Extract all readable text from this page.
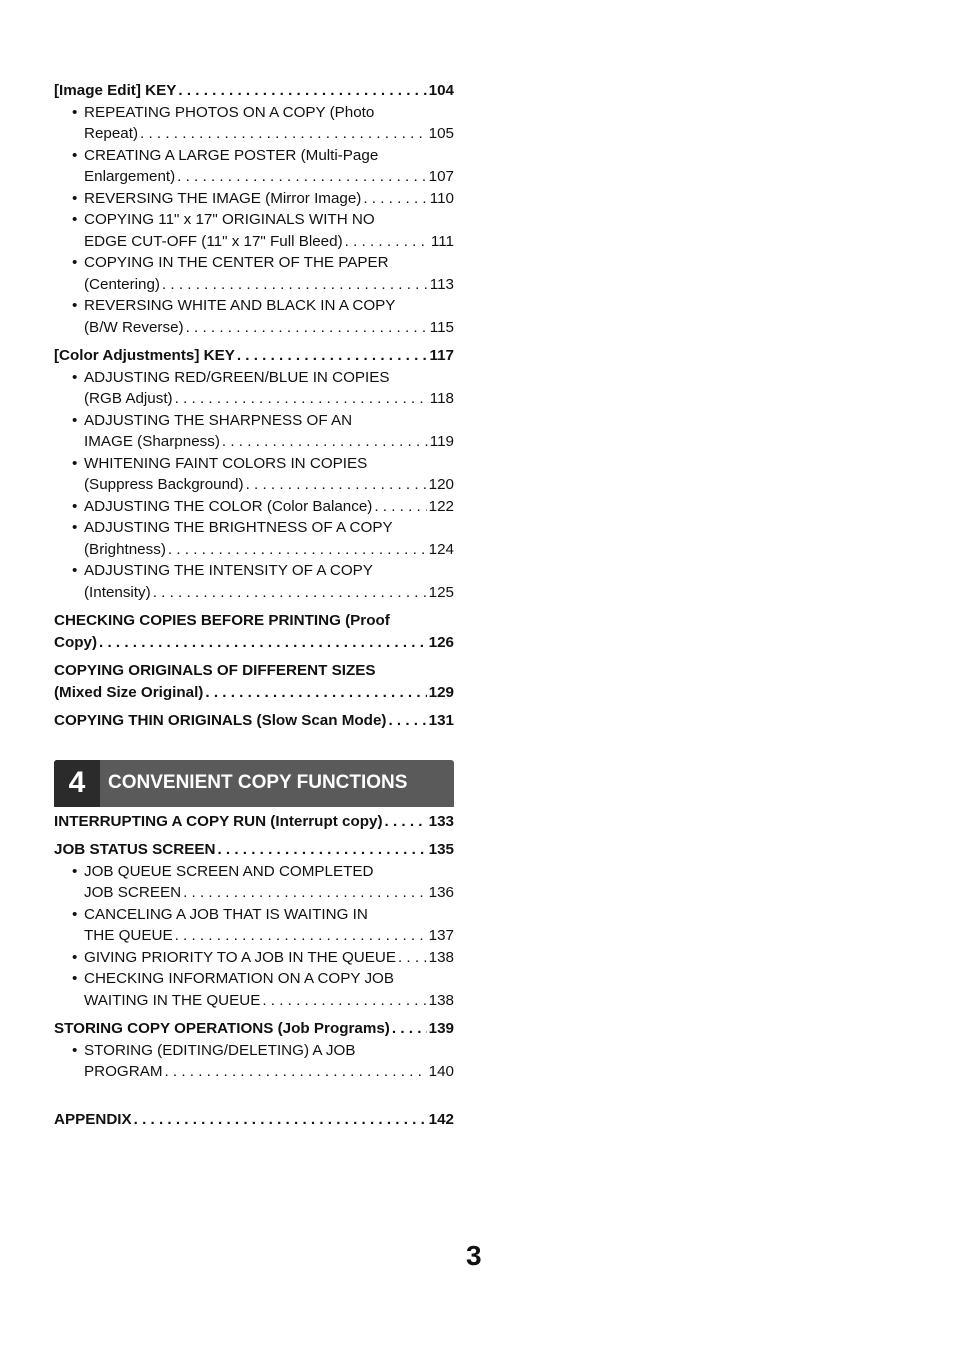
[Image Edit] KEY . . .	104
• REPEATING PHOTOS ON A COPY (Photo
Repeat) . . .	105
• CREATING A LARGE POSTER (Multi-Page
Enlargement) . . .	107
• REVERSING THE IMAGE (Mirror Image) . . .	110
• COPYING 11" x 17" ORIGINALS WITH NO
EDGE CUT-OFF (11" x 17" Full Bleed) . . .	111
• COPYING IN THE CENTER OF THE PAPER
(Centering) . . .	113
• REVERSING WHITE AND BLACK IN A COPY
(B/W Reverse) . . .	115
[Color Adjustments] KEY . . .	117
• ADJUSTING RED/GREEN/BLUE IN COPIES
(RGB Adjust) . . .	118
• ADJUSTING THE SHARPNESS OF AN
IMAGE (Sharpness) . . .	119
• WHITENING FAINT COLORS IN COPIES
(Suppress Background) . . .	120
• ADJUSTING THE COLOR (Color Balance) . . .	122
• ADJUSTING THE BRIGHTNESS OF A COPY
(Brightness) . . .	124
• ADJUSTING THE INTENSITY OF A COPY
(Intensity) . . .	125
CHECKING COPIES BEFORE PRINTING (Proof
Copy) . . .	126
COPYING ORIGINALS OF DIFFERENT SIZES
(Mixed Size Original) . . .	129
COPYING THIN ORIGINALS (Slow Scan Mode) . . .	131
4	CONVENIENT COPY FUNCTIONS
INTERRUPTING A COPY RUN (Interrupt copy) . . .	133
JOB STATUS SCREEN . . .	135
• JOB QUEUE SCREEN AND COMPLETED
JOB SCREEN . . .	136
• CANCELING A JOB THAT IS WAITING IN
THE QUEUE . . .	137
• GIVING PRIORITY TO A JOB IN THE QUEUE . . . 138
• CHECKING INFORMATION ON A COPY JOB
WAITING IN THE QUEUE . . .	138
STORING COPY OPERATIONS (Job Programs) . . .	139
• STORING (EDITING/DELETING) A JOB
PROGRAM . . .	140
APPENDIX . . .	142
3
